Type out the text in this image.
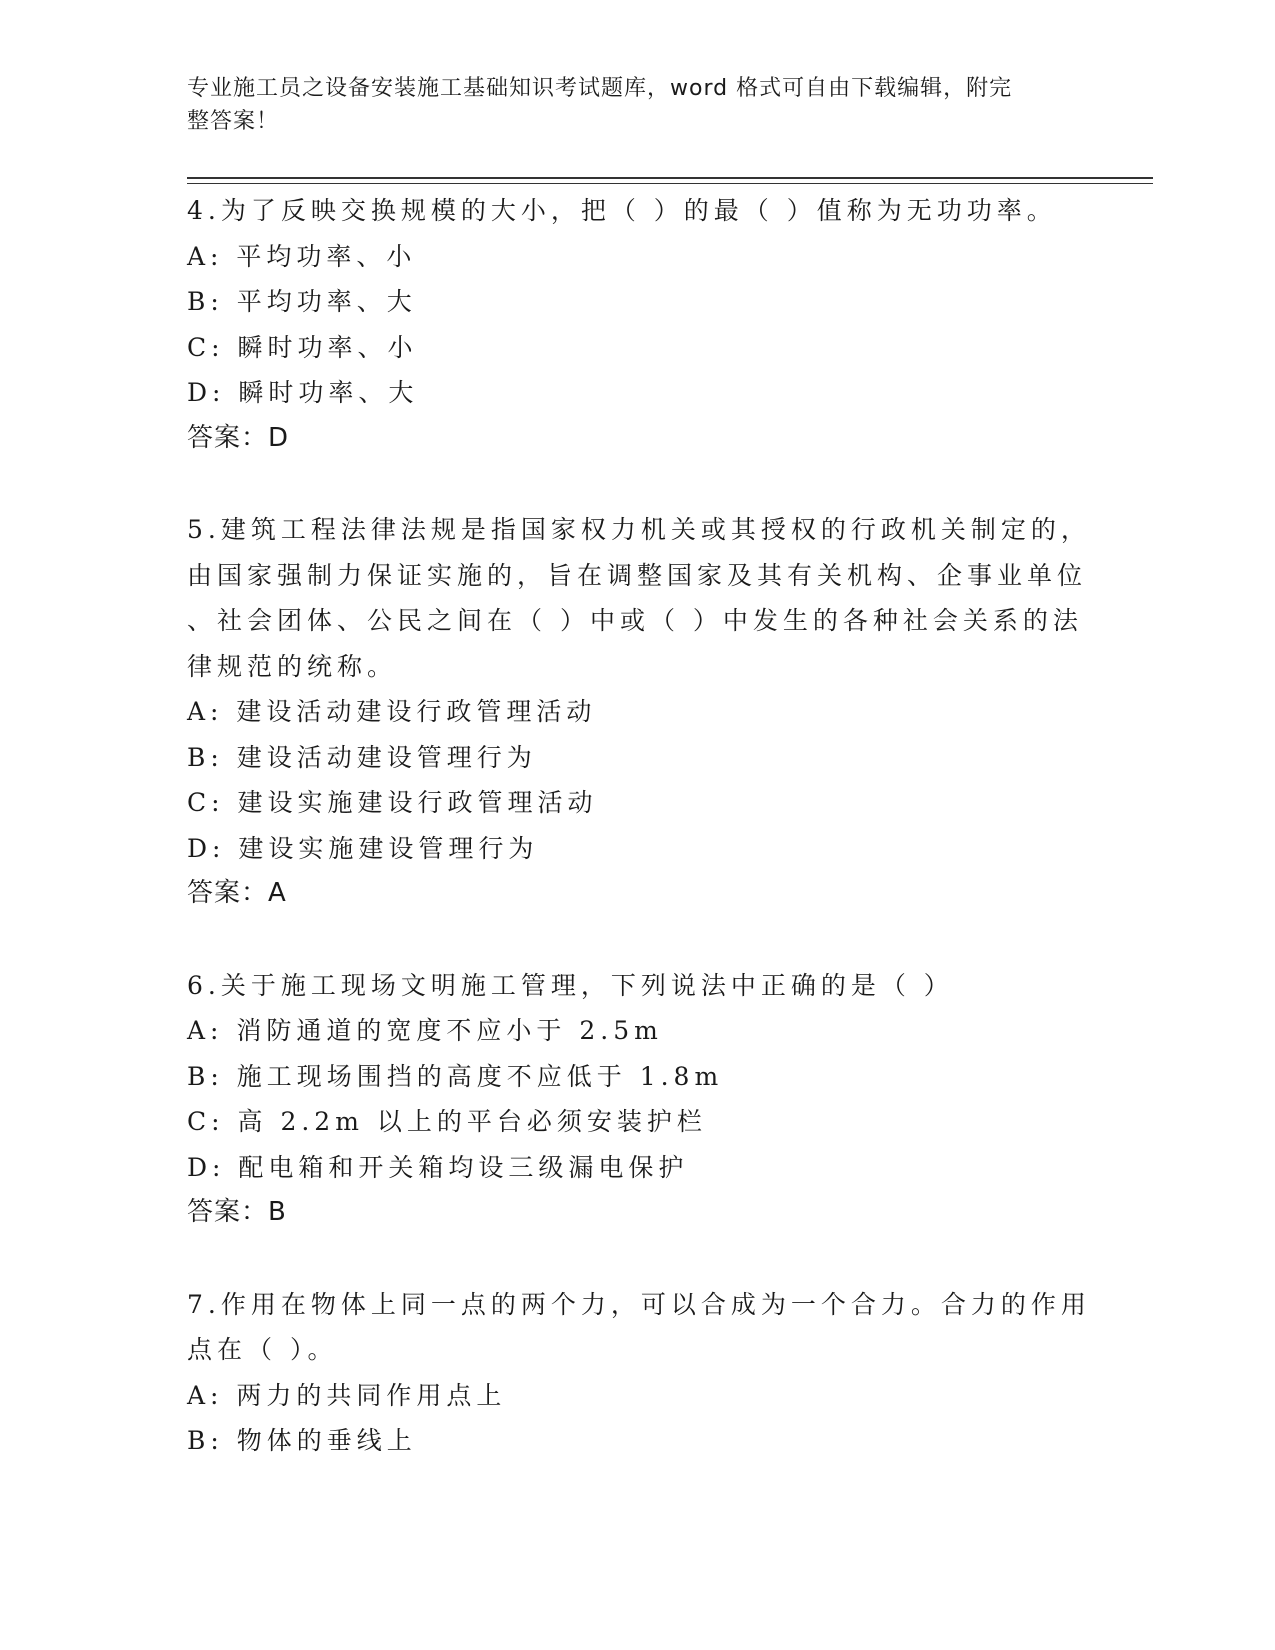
专业施工员之设备安装施工基础知识考试题库，word 格式可自由下载编辑，附完
整答案！
4.为了反映交换规模的大小，把（ ）的最（ ）值称为无功功率。
A: 平均功率、小
B: 平均功率、大
C: 瞬时功率、小
D: 瞬时功率、大
答案：D
5.建筑工程法律法规是指国家权力机关或其授权的行政机关制定的，
由国家强制力保证实施的，旨在调整国家及其有关机构、企事业单位
、社会团体、公民之间在（ ）中或（ ）中发生的各种社会关系的法
律规范的统称。
A: 建设活动建设行政管理活动
B: 建设活动建设管理行为
C: 建设实施建设行政管理活动
D: 建设实施建设管理行为
答案：A
6.关于施工现场文明施工管理，下列说法中正确的是（ ）
A: 消防通道的宽度不应小于 2.5m
B: 施工现场围挡的高度不应低于 1.8m
C: 高 2.2m 以上的平台必须安装护栏
D: 配电箱和开关箱均设三级漏电保护
答案：B
7.作用在物体上同一点的两个力，可以合成为一个合力。合力的作用
点在（ ）。
A: 两力的共同作用点上
B: 物体的垂线上
